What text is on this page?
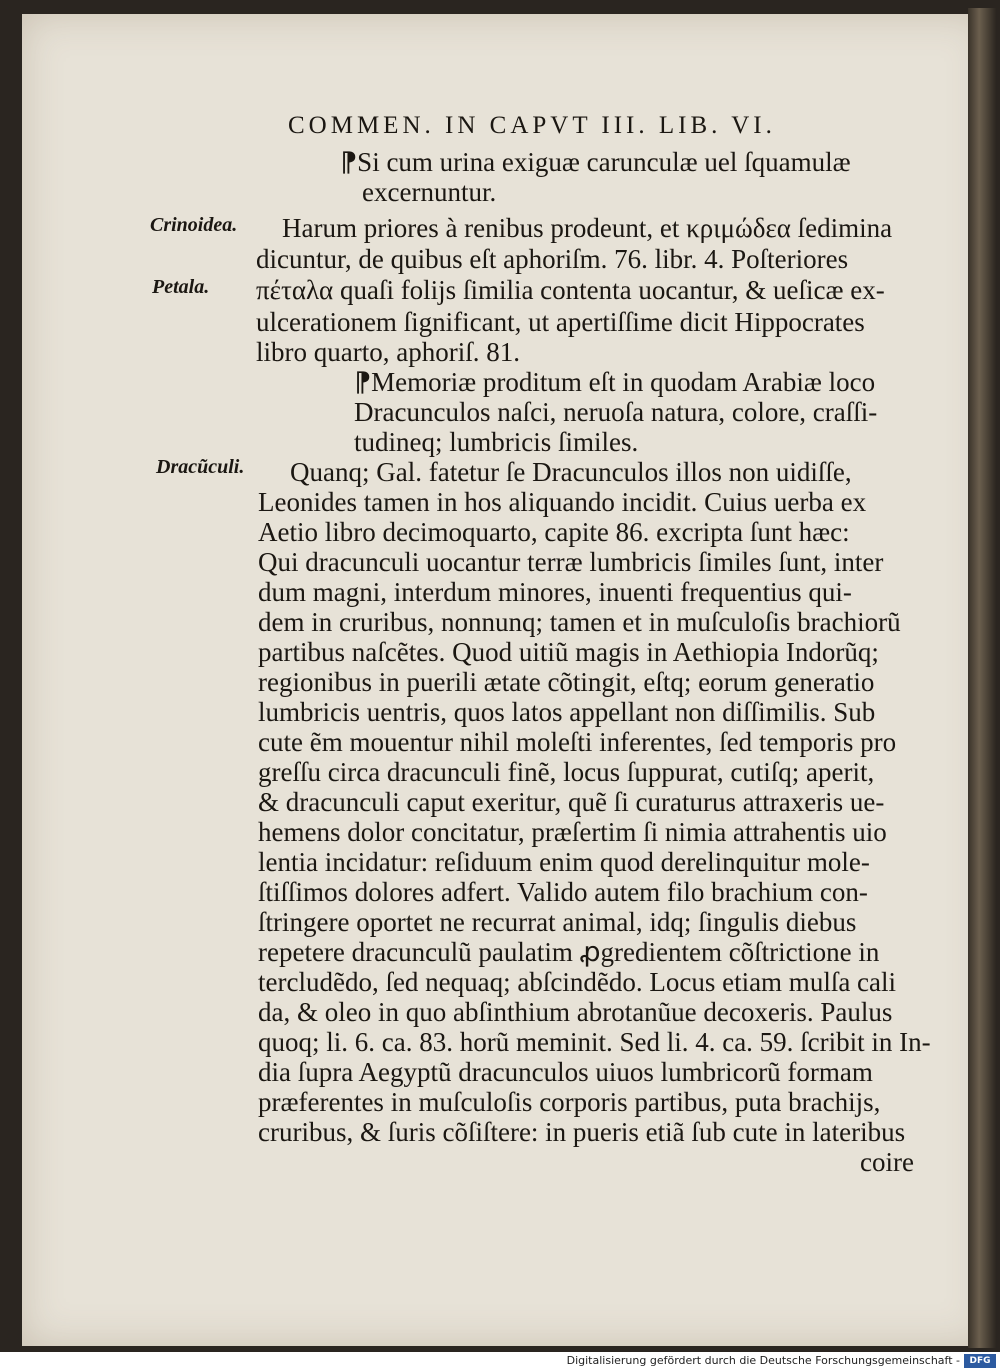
COMMEN. IN CAPVT III. LIB. VI.
Crinoidea.
Petala.
Dracũculi.
⁋Si cum urina exiguæ carunculæ uel ſquamulæ
excernuntur.
Harum priores à renibus prodeunt, et κριμώδεα ſedimina
dicuntur, de quibus eſt aphoriſm. 76. libr. 4. Poſteriores
πέταλα quaſi folijs ſimilia contenta uocantur, & ueſicæ ex-
ulcerationem ſignificant, ut apertiſſime dicit Hippocrates
libro quarto, aphoriſ. 81.
⁋Memoriæ proditum eſt in quodam Arabiæ loco
Dracunculos naſci, neruoſa natura, colore, craſſi-
tudineq; lumbricis ſimiles.
Quanq; Gal. fatetur ſe Dracunculos illos non uidiſſe,
Leonides tamen in hos aliquando incidit. Cuius uerba ex
Aetio libro decimoquarto, capite 86. excripta ſunt hæc:
Qui dracunculi uocantur terræ lumbricis ſimiles ſunt, inter
dum magni, interdum minores, inuenti frequentius qui-
dem in cruribus, nonnunq; tamen et in muſculoſis brachiorũ
partibus naſcẽtes. Quod uitiũ magis in Aethiopia Indorũq;
regionibus in puerili ætate cõtingit, eſtq; eorum generatio
lumbricis uentris, quos latos appellant non diſſimilis. Sub
cute ẽm mouentur nihil moleſti inferentes, ſed temporis pro
greſſu circa dracunculi finẽ, locus ſuppurat, cutiſq; aperit,
& dracunculi caput exeritur, quẽ ſi curaturus attraxeris ue-
hemens dolor concitatur, præſertim ſi nimia attrahentis uio
lentia incidatur: reſiduum enim quod derelinquitur mole-
ſtiſſimos dolores adfert. Valido autem filo brachium con-
ſtringere oportet ne recurrat animal, idq; ſingulis diebus
repetere dracunculũ paulatim ꝓgredientem cõſtrictione in
tercludẽdo, ſed nequaq; abſcindẽdo. Locus etiam mulſa cali
da, & oleo in quo abſinthium abrotanũue decoxeris. Paulus
quoq; li. 6. ca. 83. horũ meminit. Sed li. 4. ca. 59. ſcribit in In-
dia ſupra Aegyptũ dracunculos uiuos lumbricorũ formam
præferentes in muſculoſis corporis partibus, puta brachijs,
cruribus, & ſuris cõſiſtere: in pueris etiã ſub cute in lateribus
coire
Digitalisierung gefördert durch die Deutsche Forschungsgemeinschaft -	DFG
